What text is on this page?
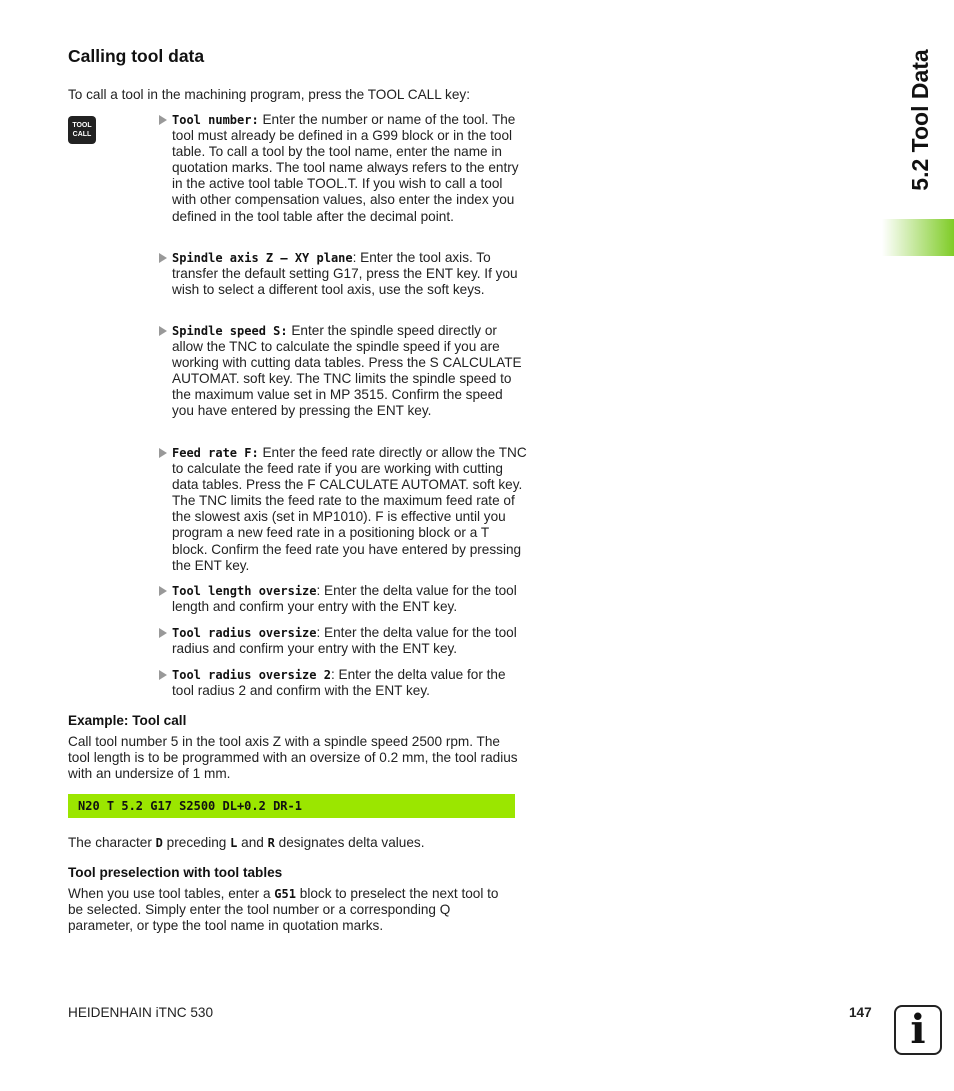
5.2 Tool Data
Calling tool data
To call a tool in the machining program, press the TOOL CALL key:
TOOL
CALL
Tool number: Enter the number or name of the tool. The tool must already be defined in a G99 block or in the tool table. To call a tool by the tool name, enter the name in quotation marks. The tool name always refers to the entry in the active tool table TOOL.T. If you wish to call a tool with other compensation values, also enter the index you defined in the tool table after the decimal point.
Spindle axis Z – XY plane: Enter the tool axis. To transfer the default setting G17, press the ENT key. If you wish to select a different tool axis, use the soft keys.
Spindle speed S: Enter the spindle speed directly or allow the TNC to calculate the spindle speed if you are working with cutting data tables. Press the S CALCULATE AUTOMAT. soft key. The TNC limits the spindle speed to the maximum value set in MP 3515. Confirm the speed you have entered by pressing the ENT key.
Feed rate F: Enter the feed rate directly or allow the TNC to calculate the feed rate if you are working with cutting data tables. Press the F CALCULATE AUTOMAT. soft key. The TNC limits the feed rate to the maximum feed rate of the slowest axis (set in MP1010). F is effective until you program a new feed rate in a positioning block or a T block. Confirm the feed rate you have entered by pressing the ENT key.
Tool length oversize: Enter the delta value for the tool length and confirm your entry with the ENT key.
Tool radius oversize: Enter the delta value for the tool radius and confirm your entry with the ENT key.
Tool radius oversize 2: Enter the delta value for the tool radius 2 and confirm with the ENT key.
Example: Tool call
Call tool number 5 in the tool axis Z with a spindle speed 2500 rpm. The tool length is to be programmed with an oversize of 0.2 mm, the tool radius with an undersize of 1 mm.
N20 T 5.2 G17 S2500 DL+0.2 DR-1
The character D preceding L and R designates delta values.
Tool preselection with tool tables
When you use tool tables, enter a G51 block to preselect the next tool to be selected. Simply enter the tool number or a corresponding Q parameter, or type the tool name in quotation marks.
HEIDENHAIN iTNC 530	147 i
